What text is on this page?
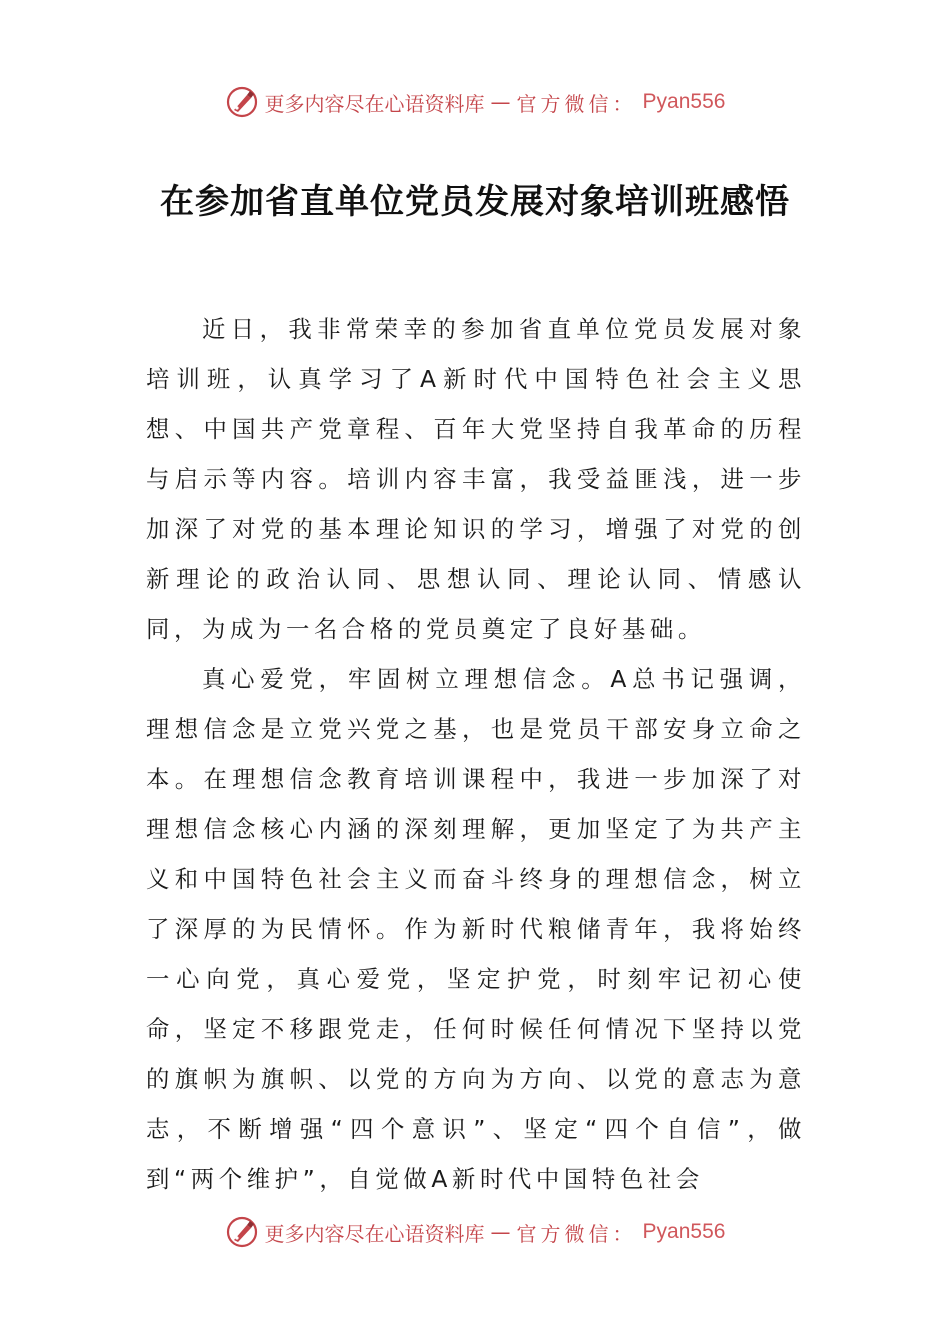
更多内容尽在心语资料库 — 官方微信： Pyan556
在参加省直单位党员发展对象培训班感悟

近日，我非常荣幸的参加省直单位党员发展对象培训班，认真学习了A新时代中国特色社会主义思想、中国共产党章程、百年大党坚持自我革命的历程与启示等内容。培训内容丰富，我受益匪浅，进一步加深了对党的基本理论知识的学习，增强了对党的创新理论的政治认同、思想认同、理论认同、情感认同，为成为一名合格的党员奠定了良好基础。

真心爱党，牢固树立理想信念。A总书记强调，理想信念是立党兴党之基，也是党员干部安身立命之本。在理想信念教育培训课程中，我进一步加深了对理想信念核心内涵的深刻理解，更加坚定了为共产主义和中国特色社会主义而奋斗终身的理想信念，树立了深厚的为民情怀。作为新时代粮储青年，我将始终一心向党，真心爱党，坚定护党，时刻牢记初心使命，坚定不移跟党走，任何时候任何情况下坚持以党的旗帜为旗帜、以党的方向为方向、以党的意志为意志，不断增强“四个意识”、坚定“四个自信”，做到“两个维护”，自觉做A新时代中国特色社会

更多内容尽在心语资料库 — 官方微信： Pyan556
